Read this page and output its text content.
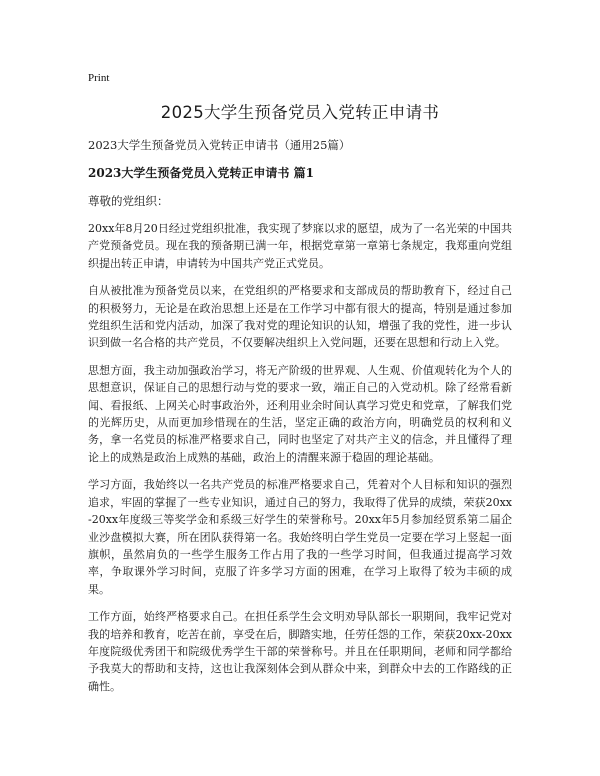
Print
2025大学生预备党员入党转正申请书

2023大学生预备党员入党转正申请书（通用25篇）

2023大学生预备党员入党转正申请书 篇1

尊敬的党组织：

20xx年8月20日经过党组织批准，我实现了梦寐以求的愿望，成为了一名光荣的中国共产党预备党员。现在我的预备期已满一年，根据党章第一章第七条规定，我郑重向党组织提出转正申请，申请转为中国共产党正式党员。

自从被批准为预备党员以来，在党组织的严格要求和支部成员的帮助教育下，经过自己的积极努力，无论是在政治思想上还是在工作学习中都有很大的提高，特别是通过参加党组织生活和党内活动，加深了我对党的理论知识的认知，增强了我的党性，进一步认识到做一名合格的共产党员，不仅要解决组织上入党问题，还要在思想和行动上入党。

思想方面，我主动加强政治学习，将无产阶级的世界观、人生观、价值观转化为个人的思想意识，保证自己的思想行动与党的要求一致，端正自己的入党动机。除了经常看新闻、看报纸、上网关心时事政治外，还利用业余时间认真学习党史和党章，了解我们党的光辉历史，从而更加珍惜现在的生活，坚定正确的政治方向，明确党员的权利和义务，拿一名党员的标准严格要求自己，同时也坚定了对共产主义的信念，并且懂得了理论上的成熟是政治上成熟的基础，政治上的清醒来源于稳固的理论基础。

学习方面，我始终以一名共产党员的标准严格要求自己，凭着对个人目标和知识的强烈追求，牢固的掌握了一些专业知识，通过自己的努力，我取得了优异的成绩，荣获20xx-20xx年度级三等奖学金和系级三好学生的荣誉称号。20xx年5月参加经贸系第二届企业沙盘模拟大赛，所在团队获得第一名。我始终明白学生党员一定要在学习上竖起一面旗帜，虽然肩负的一些学生服务工作占用了我的一些学习时间，但我通过提高学习效率，争取课外学习时间，克服了许多学习方面的困难，在学习上取得了较为丰硕的成果。

工作方面，始终严格要求自己。在担任系学生会文明劝导队部长一职期间，我牢记党对我的培养和教育，吃苦在前，享受在后，脚踏实地，任劳任怨的工作，荣获20xx-20xx年度院级优秀团干和院级优秀学生干部的荣誉称号。并且在任职期间，老师和同学都给予我莫大的帮助和支持，这也让我深刻体会到从群众中来，到群众中去的工作路线的正确性。
